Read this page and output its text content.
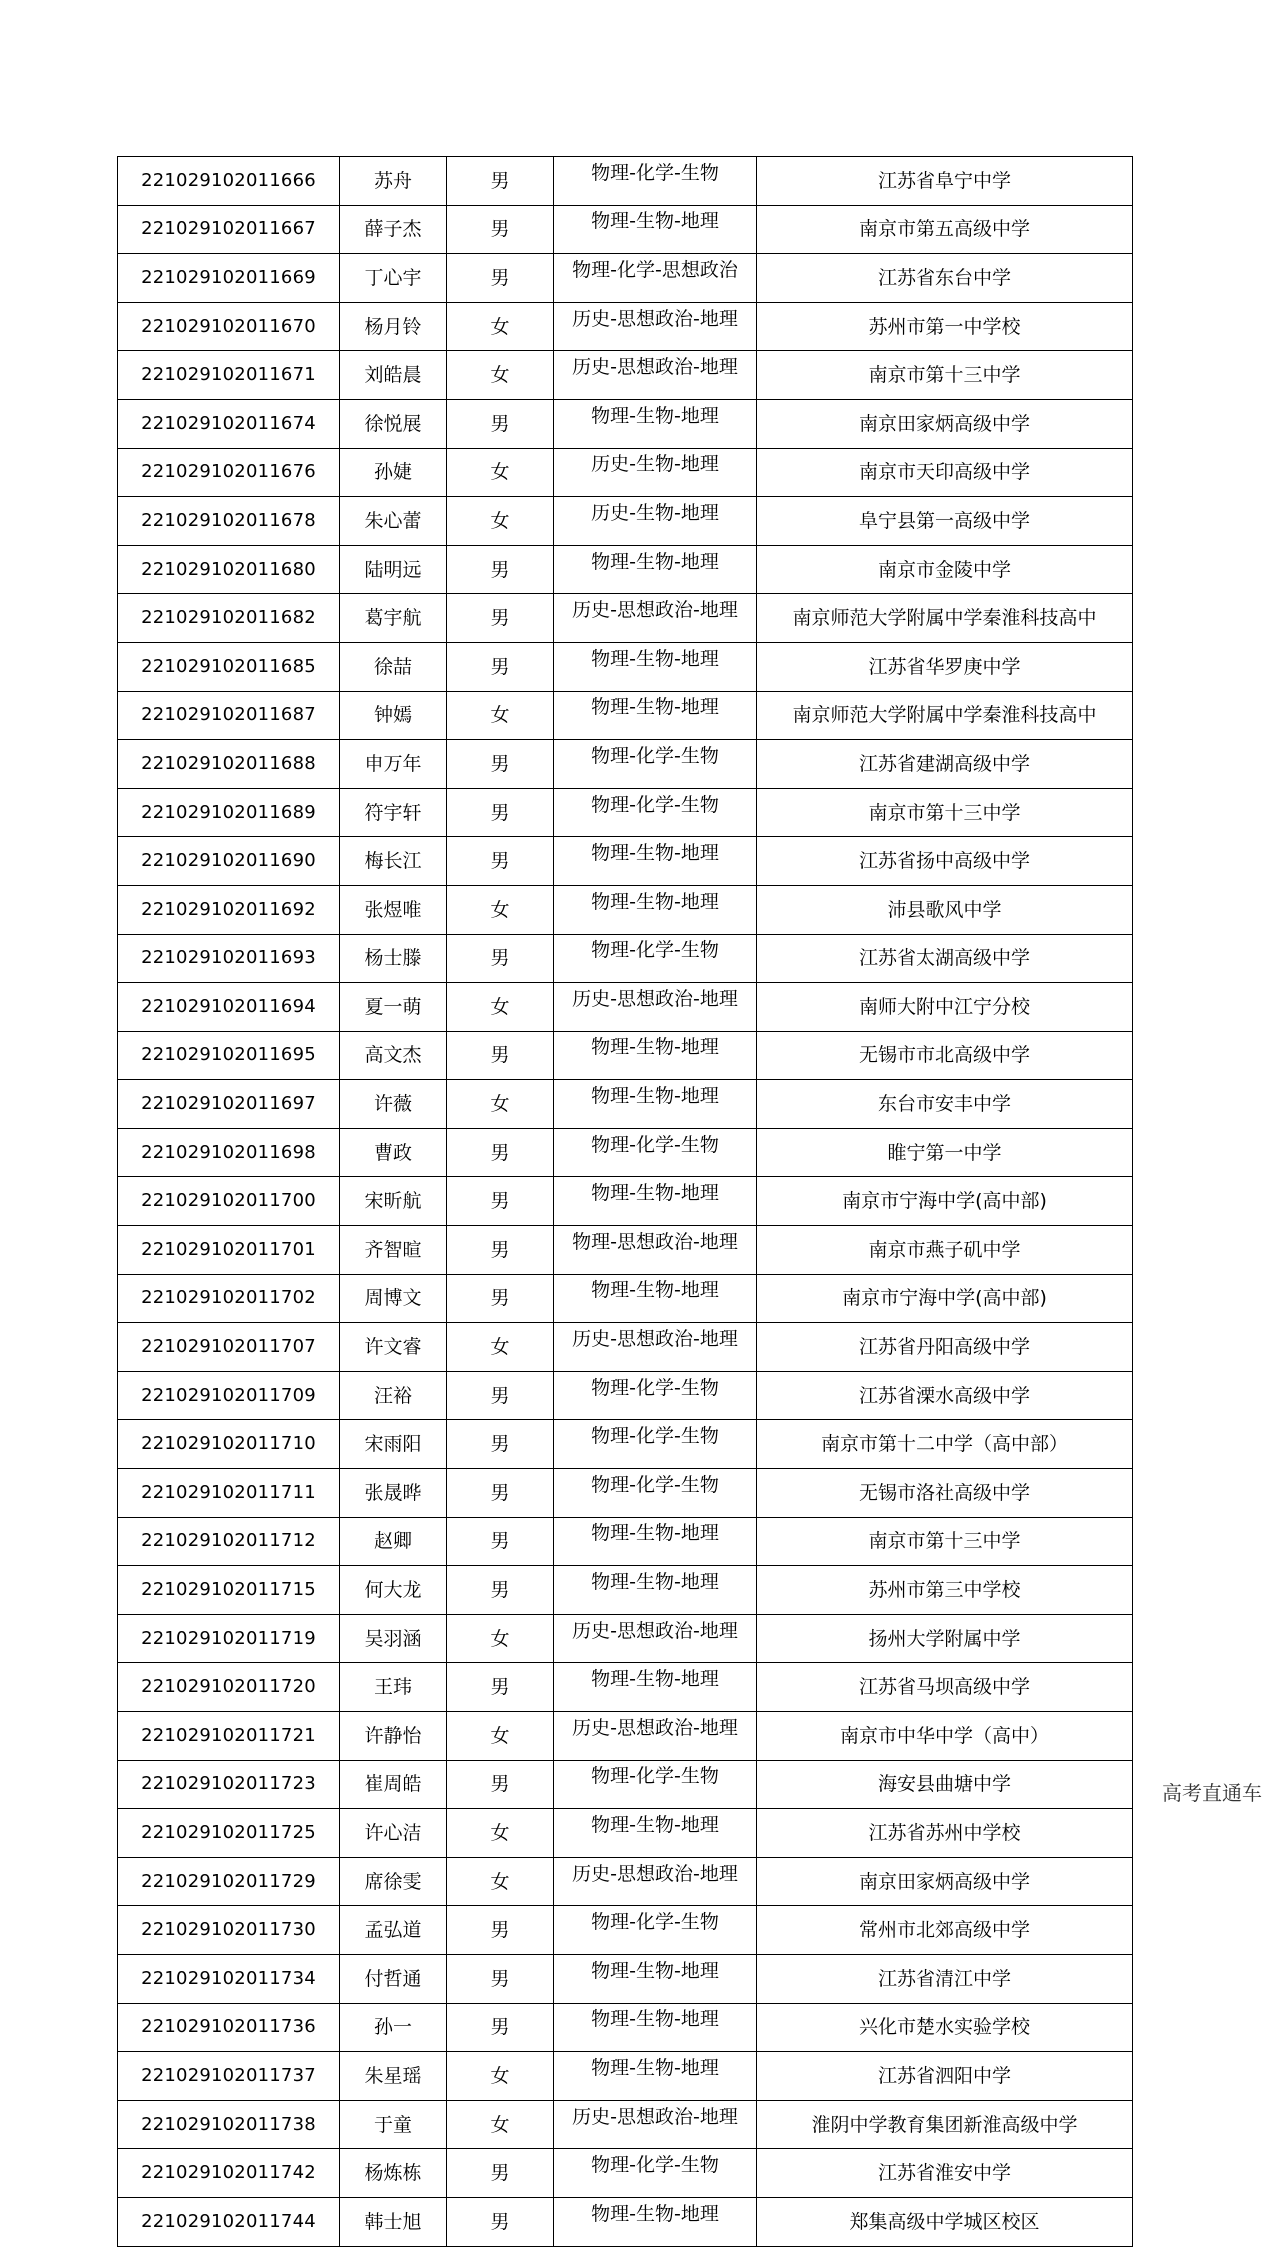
221029102011666	苏舟	男	物理-化学-生物	江苏省阜宁中学
221029102011667	薛子杰	男	物理-生物-地理	南京市第五高级中学
221029102011669	丁心宇	男	物理-化学-思想政治	江苏省东台中学
221029102011670	杨月铃	女	历史-思想政治-地理	苏州市第一中学校
221029102011671	刘皓晨	女	历史-思想政治-地理	南京市第十三中学
221029102011674	徐悦展	男	物理-生物-地理	南京田家炳高级中学
221029102011676	孙婕	女	历史-生物-地理	南京市天印高级中学
221029102011678	朱心蕾	女	历史-生物-地理	阜宁县第一高级中学
221029102011680	陆明远	男	物理-生物-地理	南京市金陵中学
221029102011682	葛宇航	男	历史-思想政治-地理	南京师范大学附属中学秦淮科技高中
221029102011685	徐喆	男	物理-生物-地理	江苏省华罗庚中学
221029102011687	钟嫣	女	物理-生物-地理	南京师范大学附属中学秦淮科技高中
221029102011688	申万年	男	物理-化学-生物	江苏省建湖高级中学
221029102011689	符宇轩	男	物理-化学-生物	南京市第十三中学
221029102011690	梅长江	男	物理-生物-地理	江苏省扬中高级中学
221029102011692	张煜唯	女	物理-生物-地理	沛县歌风中学
221029102011693	杨士滕	男	物理-化学-生物	江苏省太湖高级中学
221029102011694	夏一萌	女	历史-思想政治-地理	南师大附中江宁分校
221029102011695	高文杰	男	物理-生物-地理	无锡市市北高级中学
221029102011697	许薇	女	物理-生物-地理	东台市安丰中学
221029102011698	曹政	男	物理-化学-生物	睢宁第一中学
221029102011700	宋昕航	男	物理-生物-地理	南京市宁海中学(高中部)
221029102011701	齐智暄	男	物理-思想政治-地理	南京市燕子矶中学
221029102011702	周博文	男	物理-生物-地理	南京市宁海中学(高中部)
221029102011707	许文睿	女	历史-思想政治-地理	江苏省丹阳高级中学
221029102011709	汪裕	男	物理-化学-生物	江苏省溧水高级中学
221029102011710	宋雨阳	男	物理-化学-生物	南京市第十二中学（高中部）
221029102011711	张晟晔	男	物理-化学-生物	无锡市洛社高级中学
221029102011712	赵卿	男	物理-生物-地理	南京市第十三中学
221029102011715	何大龙	男	物理-生物-地理	苏州市第三中学校
221029102011719	吴羽涵	女	历史-思想政治-地理	扬州大学附属中学
221029102011720	王玮	男	物理-生物-地理	江苏省马坝高级中学
221029102011721	许静怡	女	历史-思想政治-地理	南京市中华中学（高中）
221029102011723	崔周皓	男	物理-化学-生物	海安县曲塘中学
221029102011725	许心洁	女	物理-生物-地理	江苏省苏州中学校
221029102011729	席徐雯	女	历史-思想政治-地理	南京田家炳高级中学
221029102011730	孟弘道	男	物理-化学-生物	常州市北郊高级中学
221029102011734	付哲通	男	物理-生物-地理	江苏省清江中学
221029102011736	孙一	男	物理-生物-地理	兴化市楚水实验学校
221029102011737	朱星瑶	女	物理-生物-地理	江苏省泗阳中学
221029102011738	于童	女	历史-思想政治-地理	淮阴中学教育集团新淮高级中学
221029102011742	杨炼栋	男	物理-化学-生物	江苏省淮安中学
221029102011744	韩士旭	男	物理-生物-地理	郑集高级中学城区校区
高考直通车
